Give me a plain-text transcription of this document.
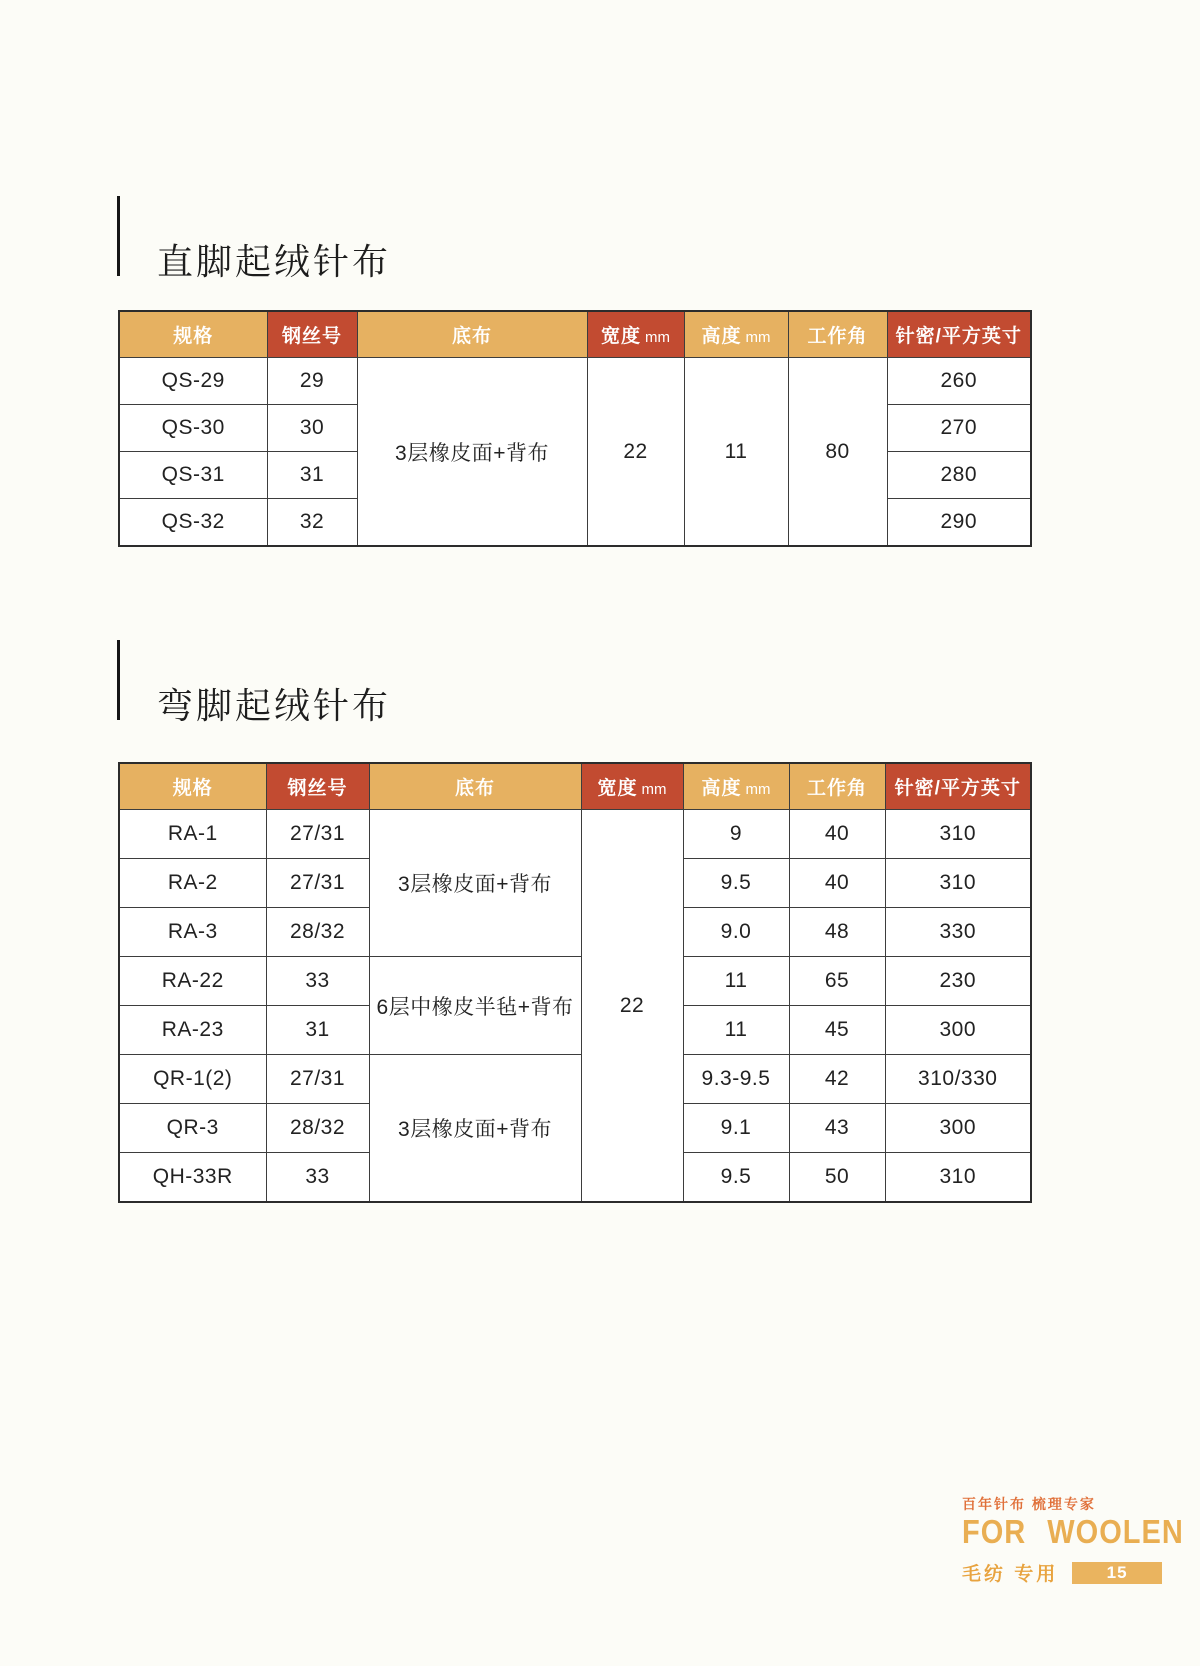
直脚起绒针布
规格	钢丝号	底布	宽度 mm	高度 mm	工作角	针密/平方英寸
QS-29	29	3层橡皮面+背布	22	11	80	260
QS-30	30					270
QS-31	31					280
QS-32	32					290
弯脚起绒针布
规格	钢丝号	底布	宽度 mm	高度 mm	工作角	针密/平方英寸
RA-1	27/31	3层橡皮面+背布	22	9	40	310
RA-2	27/31			9.5	40	310
RA-3	28/32			9.0	48	330
RA-22	33	6层中橡皮半毡+背布		11	65	230
RA-23	31			11	45	300
QR-1(2)	27/31	3层橡皮面+背布		9.3-9.5	42	310/330
QR-3	28/32			9.1	43	300
QH-33R	33			9.5	50	310
百年针布 梳理专家
FOR WOOLEN
毛纺 专用	15
